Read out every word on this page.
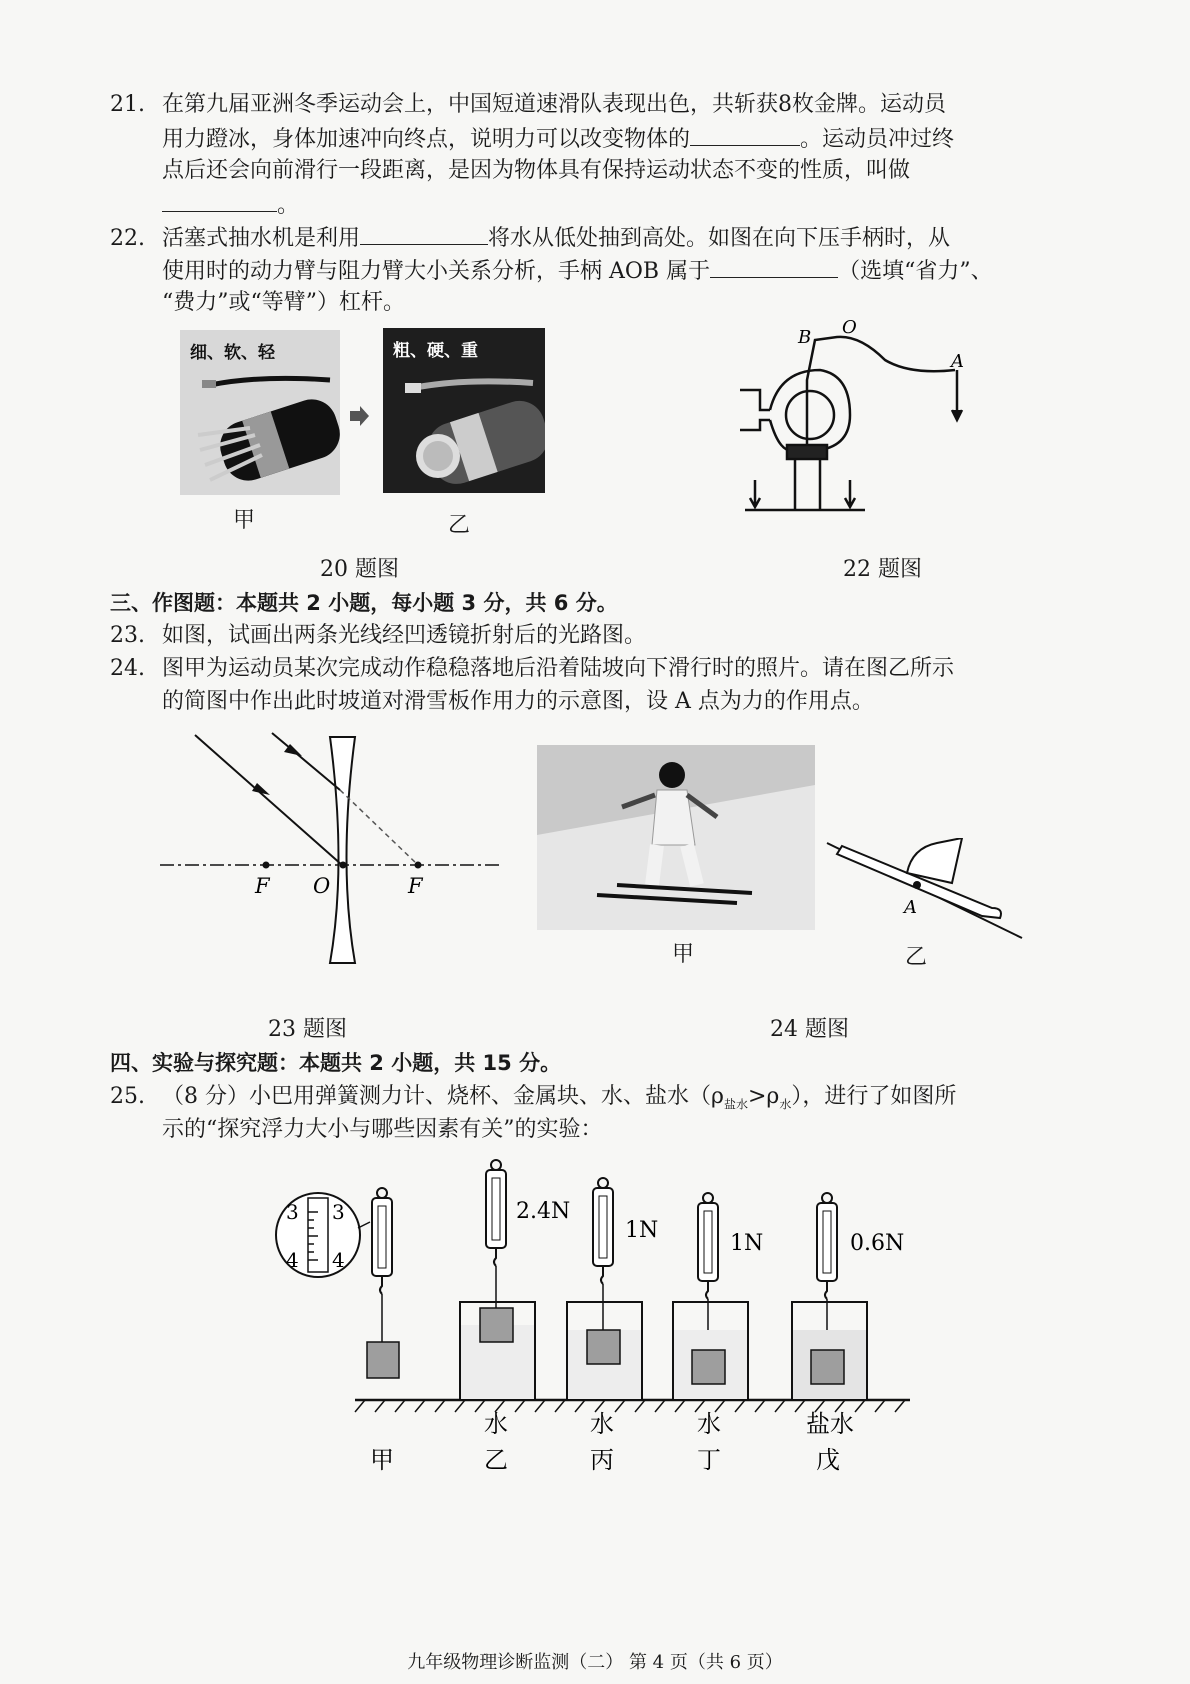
21. 在第九届亚洲冬季运动会上，中国短道速滑队表现出色，共斩获8枚金牌。运动员
用力蹬冰，身体加速冲向终点，说明力可以改变物体的	。运动员冲过终
点后还会向前滑行一段距离，是因为物体具有保持运动状态不变的性质，叫做
。
22. 活塞式抽水机是利用	将水从低处抽到高处。如图在向下压手柄时，从
使用时的动力臂与阻力臂大小关系分析，手柄 AOB 属于	（选填“省力”、
“费力”或“等臂”）杠杆。
细、软、轻	粗、硬、重
甲	乙
20 题图
B O
A
22 题图
三、作图题：本题共 2 小题，每小题 3 分，共 6 分。
23. 如图，试画出两条光线经凹透镜折射后的光路图。
24. 图甲为运动员某次完成动作稳稳落地后沿着陆坡向下滑行时的照片。请在图乙所示
的简图中作出此时坡道对滑雪板作用力的示意图，设 A 点为力的作用点。
F O	F
23 题图
A
甲	乙
24 题图
四、实验与探究题：本题共 2 小题，共 15 分。
25. （8 分）小巴用弹簧测力计、烧杯、金属块、水、盐水$(\rho_{盐水}>\rho_水)$，进行了如图所
示的“探究浮力大小与哪些因素有关”的实验：
3 3
4 4
2.4N
1N
1N	0.6N
水	水	水	盐水
甲	乙	丙	丁	戊
九年级物理诊断监测（二） 第 4 页（共 6 页）
